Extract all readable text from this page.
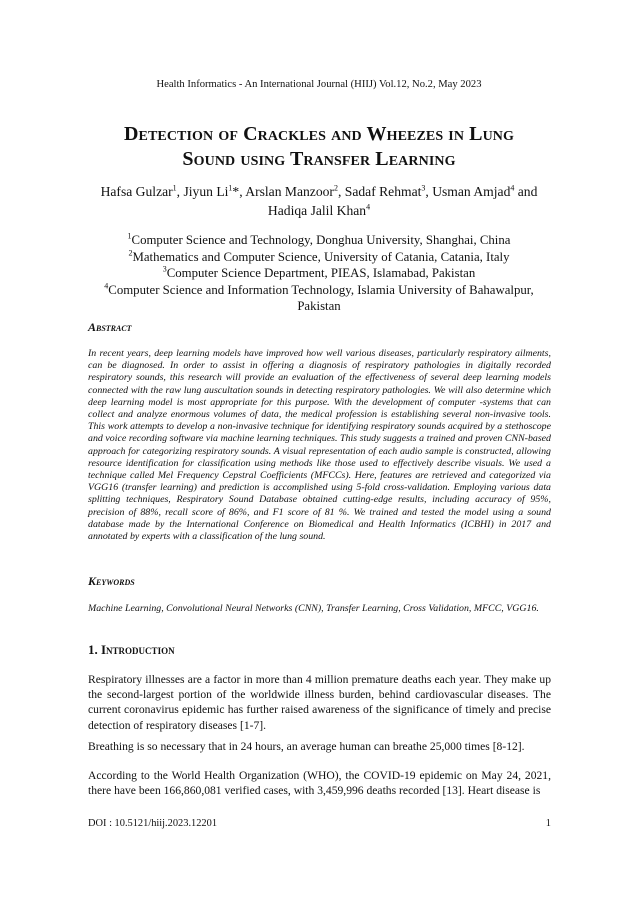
Health Informatics - An International Journal (HIIJ) Vol.12, No.2, May 2023
Detection of Crackles and Wheezes in Lung
Sound using Transfer Learning
Hafsa Gulzar$^1$, Jiyun Li$^1$*, Arslan Manzoor$^2$, Sadaf Rehmat$^3$, Usman Amjad$^4$ and
Hadiqa Jalil Khan$^4$
$^1$Computer Science and Technology, Donghua University, Shanghai, China
$^2$Mathematics and Computer Science, University of Catania, Catania, Italy
$^3$Computer Science Department, PIEAS, Islamabad, Pakistan
$^4$Computer Science and Information Technology, Islamia University of Bahawalpur, Pakistan
Abstract
In recent years, deep learning models have improved how well various diseases, particularly respiratory ailments, can be diagnosed. In order to assist in offering a diagnosis of respiratory pathologies in digitally recorded respiratory sounds, this research will provide an evaluation of the effectiveness of several deep learning models connected with the raw lung auscultation sounds in detecting respiratory pathologies. We will also determine which deep learning model is most appropriate for this purpose. With the development of computer -systems that can collect and analyze enormous volumes of data, the medical profession is establishing several non-invasive tools. This work attempts to develop a non-invasive technique for identifying respiratory sounds acquired by a stethoscope and voice recording software via machine learning techniques. This study suggests a trained and proven CNN-based approach for categorizing respiratory sounds. A visual representation of each audio sample is constructed, allowing resource identification for classification using methods like those used to effectively describe visuals. We used a technique called Mel Frequency Cepstral Coefficients (MFCCs). Here, features are retrieved and categorized via VGG16 (transfer learning) and prediction is accomplished using 5-fold cross-validation. Employing various data splitting techniques, Respiratory Sound Database obtained cutting-edge results, including accuracy of 95%, precision of 88%, recall score of 86%, and F1 score of 81 %. We trained and tested the model using a sound database made by the International Conference on Biomedical and Health Informatics (ICBHI) in 2017 and annotated by experts with a classification of the lung sound.
Keywords
Machine Learning, Convolutional Neural Networks (CNN), Transfer Learning, Cross Validation, MFCC, VGG16.
1. Introduction
Respiratory illnesses are a factor in more than 4 million premature deaths each year. They make up the second-largest portion of the worldwide illness burden, behind cardiovascular diseases. The current coronavirus epidemic has further raised awareness of the significance of timely and precise detection of respiratory diseases [1-7].
Breathing is so necessary that in 24 hours, an average human can breathe 25,000 times [8-12].
According to the World Health Organization (WHO), the COVID-19 epidemic on May 24, 2021, there have been 166,860,081 verified cases, with 3,459,996 deaths recorded [13]. Heart disease is
DOI : 10.5121/hiij.2023.12201	1
